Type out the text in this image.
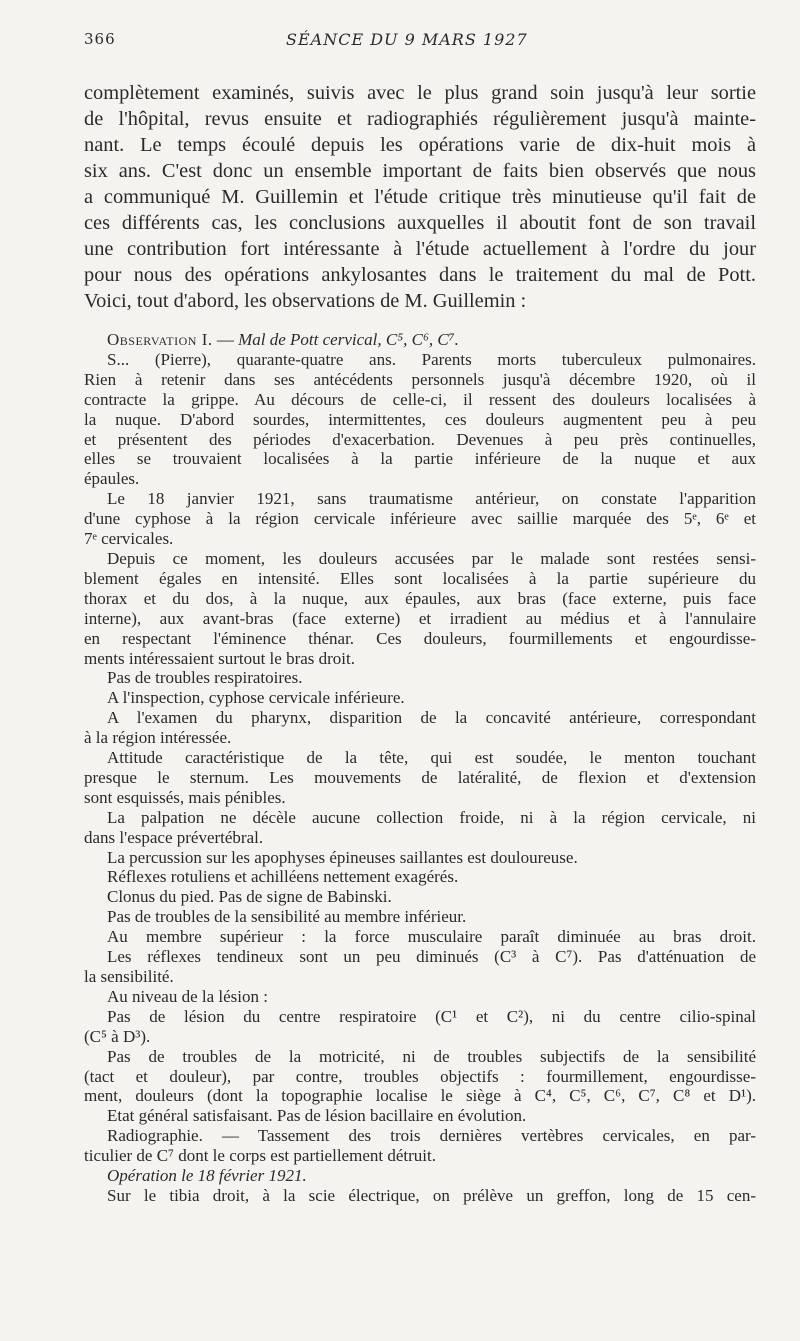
366	SÉANCE DU 9 MARS 1927
complètement examinés, suivis avec le plus grand soin jusqu'à leur sortie
de l'hôpital, revus ensuite et radiographiés régulièrement jusqu'à mainte-
nant. Le temps écoulé depuis les opérations varie de dix-huit mois à
six ans. C'est donc un ensemble important de faits bien observés que nous
a communiqué M. Guillemin et l'étude critique très minutieuse qu'il fait de
ces différents cas, les conclusions auxquelles il aboutit font de son travail
une contribution fort intéressante à l'étude actuellement à l'ordre du jour
pour nous des opérations ankylosantes dans le traitement du mal de Pott.
Voici, tout d'abord, les observations de M. Guillemin :
Observation I. — Mal de Pott cervical, C⁵, C⁶, C⁷.
S... (Pierre), quarante-quatre ans. Parents morts tuberculeux pulmonaires.
Rien à retenir dans ses antécédents personnels jusqu'à décembre 1920, où il
contracte la grippe. Au décours de celle-ci, il ressent des douleurs localisées à
la nuque. D'abord sourdes, intermittentes, ces douleurs augmentent peu à peu
et présentent des périodes d'exacerbation. Devenues à peu près continuelles,
elles se trouvaient localisées à la partie inférieure de la nuque et aux
épaules.
Le 18 janvier 1921, sans traumatisme antérieur, on constate l'apparition
d'une cyphose à la région cervicale inférieure avec saillie marquée des 5ᵉ, 6ᵉ et
7ᵉ cervicales.
Depuis ce moment, les douleurs accusées par le malade sont restées sensi-
blement égales en intensité. Elles sont localisées à la partie supérieure du
thorax et du dos, à la nuque, aux épaules, aux bras (face externe, puis face
interne), aux avant-bras (face externe) et irradient au médius et à l'annulaire
en respectant l'éminence thénar. Ces douleurs, fourmillements et engourdisse-
ments intéressaient surtout le bras droit.
Pas de troubles respiratoires.
A l'inspection, cyphose cervicale inférieure.
A l'examen du pharynx, disparition de la concavité antérieure, correspondant
à la région intéressée.
Attitude caractéristique de la tête, qui est soudée, le menton touchant
presque le sternum. Les mouvements de latéralité, de flexion et d'extension
sont esquissés, mais pénibles.
La palpation ne décèle aucune collection froide, ni à la région cervicale, ni
dans l'espace prévertébral.
La percussion sur les apophyses épineuses saillantes est douloureuse.
Réflexes rotuliens et achilléens nettement exagérés.
Clonus du pied. Pas de signe de Babinski.
Pas de troubles de la sensibilité au membre inférieur.
Au membre supérieur : la force musculaire paraît diminuée au bras droit.
Les réflexes tendineux sont un peu diminués (C³ à C⁷). Pas d'atténuation de
la sensibilité.
Au niveau de la lésion :
Pas de lésion du centre respiratoire (C¹ et C²), ni du centre cilio-spinal
(C⁵ à D³).
Pas de troubles de la motricité, ni de troubles subjectifs de la sensibilité
(tact et douleur), par contre, troubles objectifs : fourmillement, engourdisse-
ment, douleurs (dont la topographie localise le siège à C⁴, C⁵, C⁶, C⁷, C⁸ et D¹).
Etat général satisfaisant. Pas de lésion bacillaire en évolution.
Radiographie. — Tassement des trois dernières vertèbres cervicales, en par-
ticulier de C⁷ dont le corps est partiellement détruit.
Opération le 18 février 1921.
Sur le tibia droit, à la scie électrique, on prélève un greffon, long de 15 cen-
